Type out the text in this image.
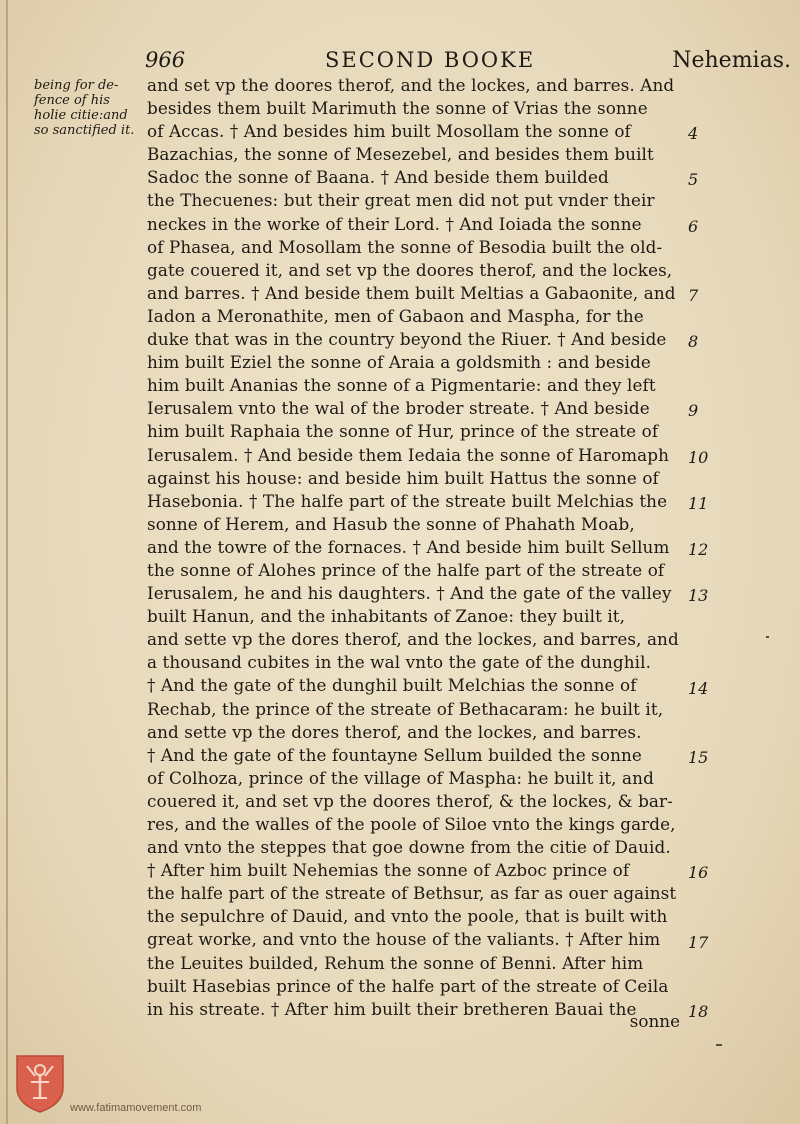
966	SECOND BOOKE	Nehemias.
being for de-
fence of his
holie citie:and
so sanctified it.
and set vp the doores therof, and the lockes, and barres. And
besides them built Marimuth the sonne of Vrias the sonne
of Accas. † And besides him built Mosollam the sonne of
Bazachias, the sonne of Mesezebel, and besides them built
Sadoc the sonne of Baana. † And beside them builded
the Thecuenes: but their great men did not put vnder their
neckes in the worke of their Lord. † And Ioiada the sonne
of Phasea, and Mosollam the sonne of Besodia built the old-
gate couered it, and set vp the doores therof, and the lockes,
and barres. † And beside them built Meltias a Gabaonite, and
Iadon a Meronathite, men of Gabaon and Maspha, for the
duke that was in the country beyond the Riuer. † And beside
him built Eziel the sonne of Araia a goldsmith : and beside
him built Ananias the sonne of a Pigmentarie: and they left
Ierusalem vnto the wal of the broder streate. † And beside
him built Raphaia the sonne of Hur, prince of the streate of
Ierusalem. † And beside them Iedaia the sonne of Haromaph
against his house: and beside him built Hattus the sonne of
Hasebonia. † The halfe part of the streate built Melchias the
sonne of Herem, and Hasub the sonne of Phahath Moab,
and the towre of the fornaces. † And beside him built Sellum
the sonne of Alohes prince of the halfe part of the streate of
Ierusalem, he and his daughters. † And the gate of the valley
built Hanun, and the inhabitants of Zanoe: they built it,
and sette vp the dores therof, and the lockes, and barres, and
a thousand cubites in the wal vnto the gate of the dunghil.
† And the gate of the dunghil built Melchias the sonne of
Rechab, the prince of the streate of Bethacaram: he built it,
and sette vp the dores therof, and the lockes, and barres.
† And the gate of the fountayne Sellum builded the sonne
of Colhoza, prince of the village of Maspha: he built it, and
couered it, and set vp the doores therof, & the lockes, & bar-
res, and the walles of the poole of Siloe vnto the kings garde,
and vnto the steppes that goe downe from the citie of Dauid.
† After him built Nehemias the sonne of Azboc prince of
the halfe part of the streate of Bethsur, as far as ouer against
the sepulchre of Dauid, and vnto the poole, that is built with
great worke, and vnto the house of the valiants. † After him
the Leuites builded, Rehum the sonne of Benni. After him
built Hasebias prince of the halfe part of the streate of Ceila
in his streate. † After him built their bretheren Bauai the
4
5
6
7
8
9
10
11
12
13
14
15
16
17
18
sonne
www.fatimamovement.com
